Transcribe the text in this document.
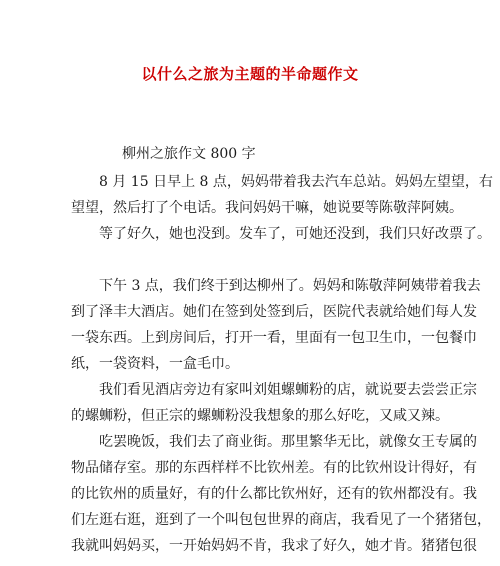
以什么之旅为主题的半命题作文
柳州之旅作文 800 字

8 月 15 日早上 8 点，妈妈带着我去汽车总站。妈妈左望望，右
望望，然后打了个电话。我问妈妈干嘛，她说要等陈敬萍阿姨。

等了好久，她也没到。发车了，可她还没到，我们只好改票了。

下午 3 点，我们终于到达柳州了。妈妈和陈敬萍阿姨带着我去
到了泽丰大酒店。她们在签到处签到后，医院代表就给她们每人发
一袋东西。上到房间后，打开一看，里面有一包卫生巾，一包餐巾
纸，一袋资料，一盒毛巾。

我们看见酒店旁边有家叫刘姐螺蛳粉的店，就说要去尝尝正宗
的螺蛳粉，但正宗的螺蛳粉没我想象的那么好吃，又咸又辣。

吃罢晚饭，我们去了商业街。那里繁华无比，就像女王专属的
物品储存室。那的东西样样不比钦州差。有的比钦州设计得好，有
的比钦州的质量好，有的什么都比钦州好，还有的钦州都没有。我
们左逛右逛，逛到了一个叫包包世界的商店，我看见了一个猪猪包，
我就叫妈妈买，一开始妈妈不肯，我求了好久，她才肯。猪猪包很
